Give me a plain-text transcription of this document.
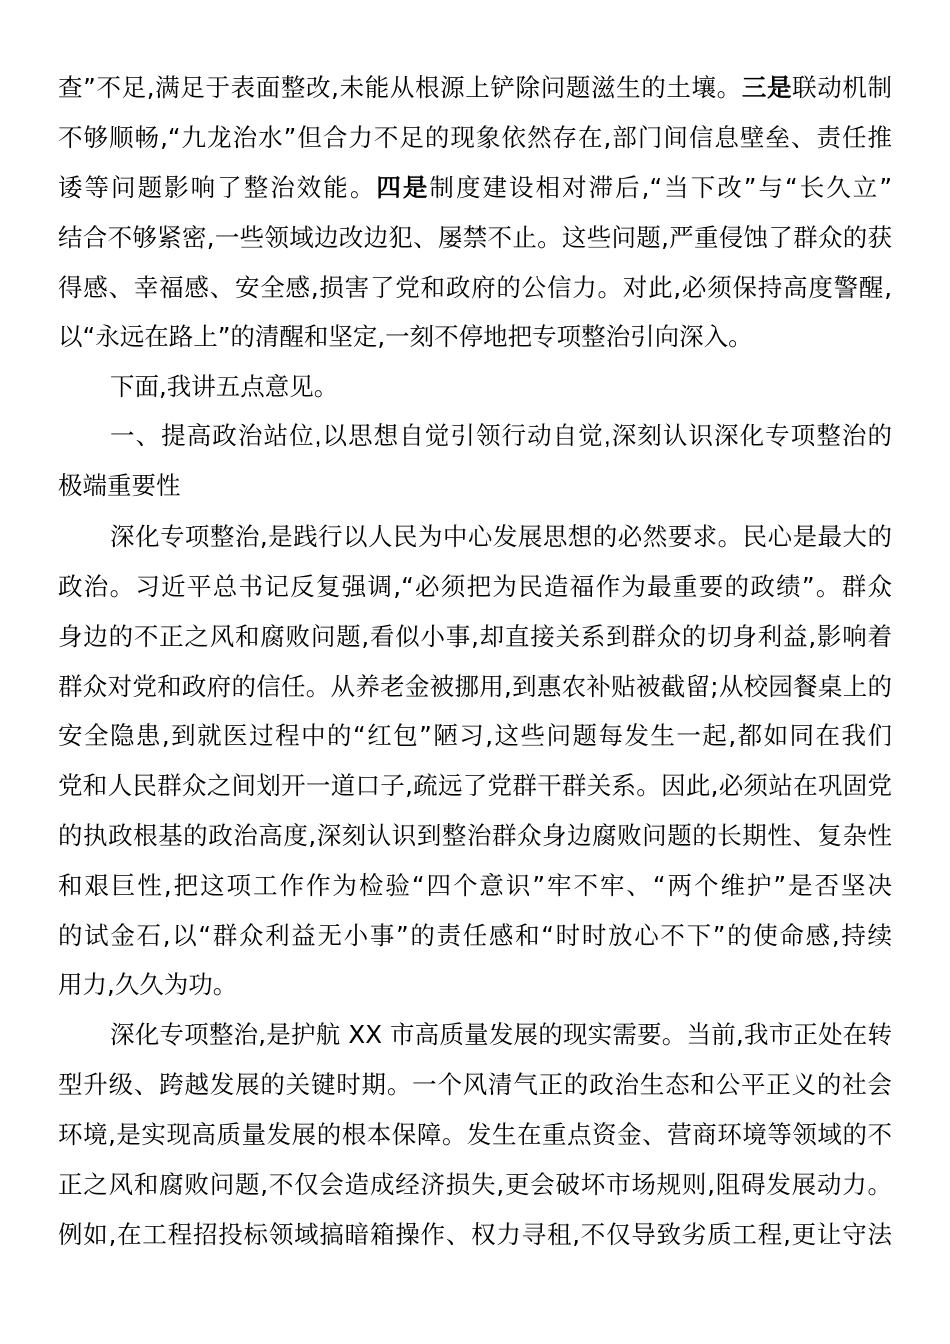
查”不足,满足于表面整改,未能从根源上铲除问题滋生的土壤。三是联动机制
不够顺畅,“九龙治水”但合力不足的现象依然存在,部门间信息壁垒、责任推
诿等问题影响了整治效能。四是制度建设相对滞后,“当下改”与“长久立”
结合不够紧密,一些领域边改边犯、屡禁不止。这些问题,严重侵蚀了群众的获
得感、幸福感、安全感,损害了党和政府的公信力。对此,必须保持高度警醒,
以“永远在路上”的清醒和坚定,一刻不停地把专项整治引向深入。
下面,我讲五点意见。
一、提高政治站位,以思想自觉引领行动自觉,深刻认识深化专项整治的
极端重要性
深化专项整治,是践行以人民为中心发展思想的必然要求。民心是最大的
政治。习近平总书记反复强调,“必须把为民造福作为最重要的政绩”。群众
身边的不正之风和腐败问题,看似小事,却直接关系到群众的切身利益,影响着
群众对党和政府的信任。从养老金被挪用,到惠农补贴被截留;从校园餐桌上的
安全隐患,到就医过程中的“红包”陋习,这些问题每发生一起,都如同在我们
党和人民群众之间划开一道口子,疏远了党群干群关系。因此,必须站在巩固党
的执政根基的政治高度,深刻认识到整治群众身边腐败问题的长期性、复杂性
和艰巨性,把这项工作作为检验“四个意识”牢不牢、“两个维护”是否坚决
的试金石,以“群众利益无小事”的责任感和“时时放心不下”的使命感,持续
用力,久久为功。
深化专项整治,是护航 XX 市高质量发展的现实需要。当前,我市正处在转
型升级、跨越发展的关键时期。一个风清气正的政治生态和公平正义的社会
环境,是实现高质量发展的根本保障。发生在重点资金、营商环境等领域的不
正之风和腐败问题,不仅会造成经济损失,更会破坏市场规则,阻碍发展动力。
例如,在工程招投标领域搞暗箱操作、权力寻租,不仅导致劣质工程,更让守法
